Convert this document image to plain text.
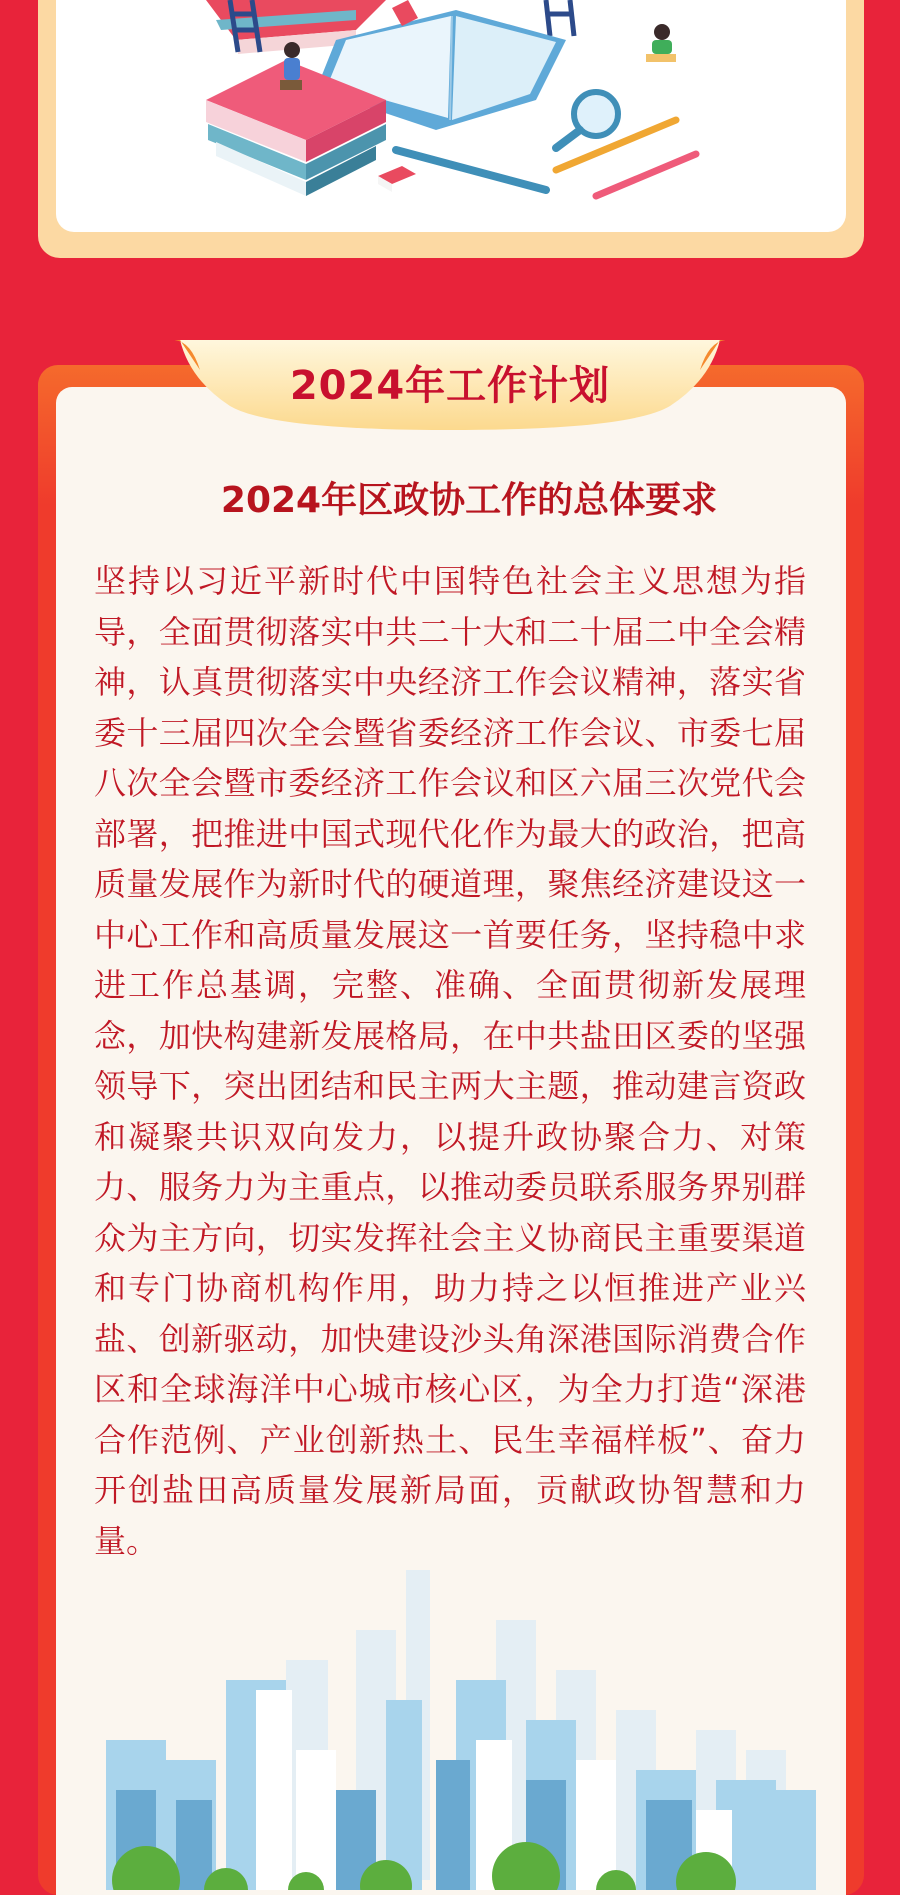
2024年工作计划
2024年区政协工作的总体要求

坚持以习近平新时代中国特色社会主义思想为指导，全面贯彻落实中共二十大和二十届二中全会精神，认真贯彻落实中央经济工作会议精神，落实省委十三届四次全会暨省委经济工作会议、市委七届八次全会暨市委经济工作会议和区六届三次党代会部署，把推进中国式现代化作为最大的政治，把高质量发展作为新时代的硬道理，聚焦经济建设这一中心工作和高质量发展这一首要任务，坚持稳中求进工作总基调，完整、准确、全面贯彻新发展理念，加快构建新发展格局，在中共盐田区委的坚强领导下，突出团结和民主两大主题，推动建言资政和凝聚共识双向发力，以提升政协聚合力、对策力、服务力为主重点，以推动委员联系服务界别群众为主方向，切实发挥社会主义协商民主重要渠道和专门协商机构作用，助力持之以恒推进产业兴盐、创新驱动，加快建设沙头角深港国际消费合作区和全球海洋中心城市核心区，为全力打造“深港合作范例、产业创新热土、民生幸福样板”、奋力开创盐田高质量发展新局面，贡献政协智慧和力量。
